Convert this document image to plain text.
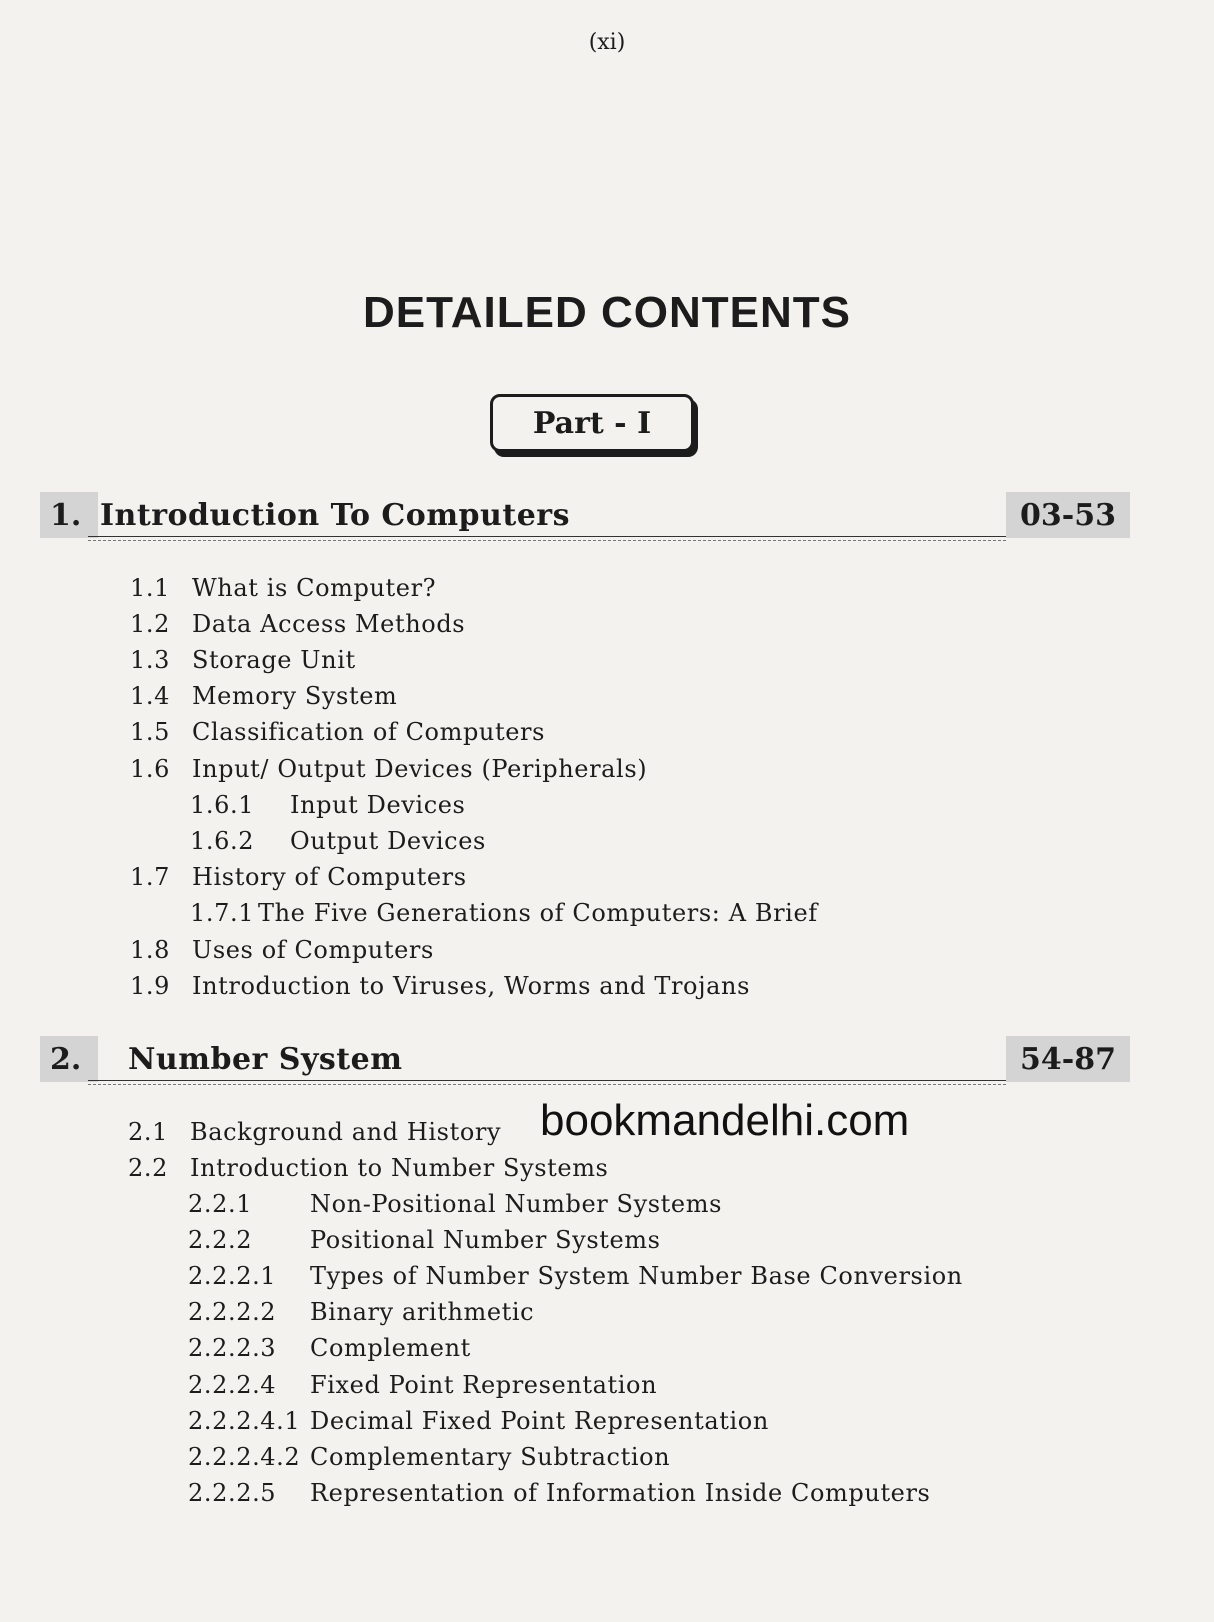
(xi)
DETAILED CONTENTS
Part - I
1. Introduction To Computers	03-53
2. Number System	54-87
1.1 What is Computer?
1.2 Data Access Methods
1.3 Storage Unit
1.4 Memory System
1.5 Classification of Computers
1.6 Input/ Output Devices (Peripherals)
1.6.1 Input Devices
1.6.2 Output Devices
1.7 History of Computers
1.7.1 The Five Generations of Computers: A Brief
1.8 Uses of Computers
1.9 Introduction to Viruses, Worms and Trojans
2.1 Background and History
2.2 Introduction to Number Systems
2.2.1 Non-Positional Number Systems
2.2.2 Positional Number Systems
2.2.2.1 Types of Number System Number Base Conversion
2.2.2.2 Binary arithmetic
2.2.2.3 Complement
2.2.2.4 Fixed Point Representation
2.2.2.4.1 Decimal Fixed Point Representation
2.2.2.4.2 Complementary Subtraction
2.2.2.5 Representation of Information Inside Computers
bookmandelhi.com
